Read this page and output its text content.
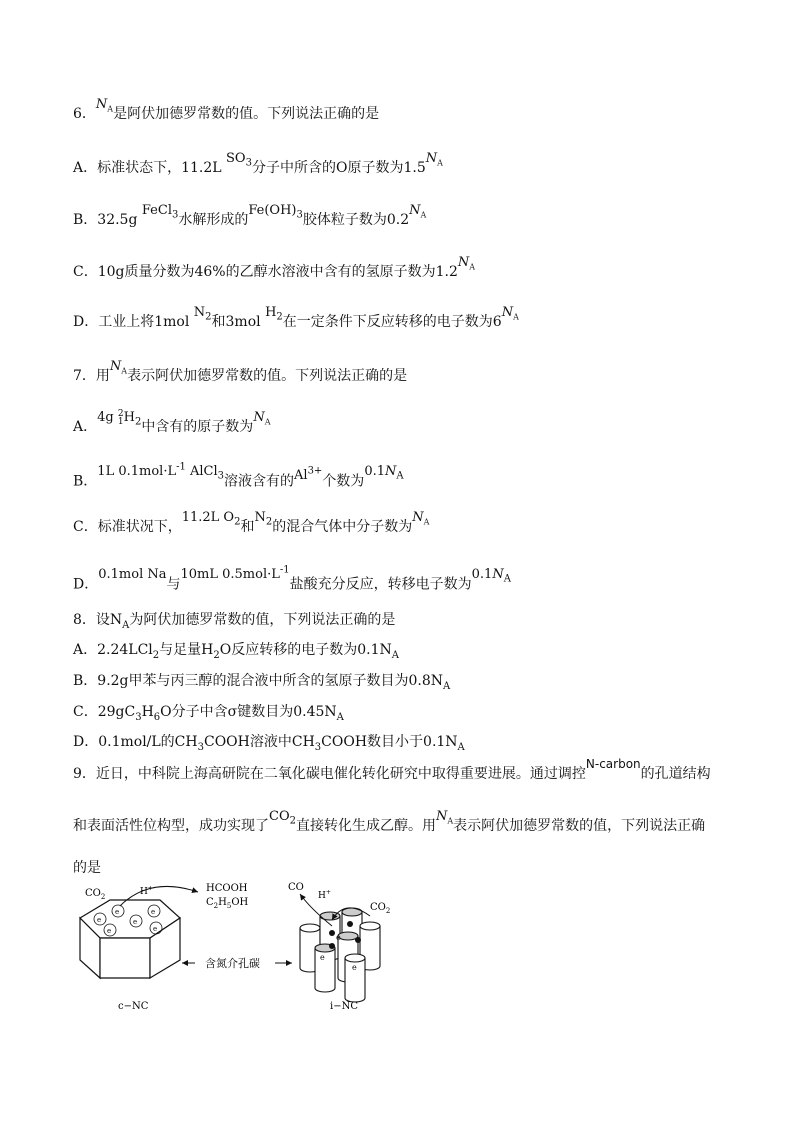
6．$N_A$是阿伏加德罗常数的值。下列说法正确的是
A．标准状态下，11.2L $SO_3$分子中所含的O原子数为$1.5N_A$
B．32.5g FeCl$_3$水解形成的$Fe(OH)_3$胶体粒子数为$0.2N_A$
C．10g质量分数为46%的乙醇水溶液中含有的氢原子数为$1.2N_A$
D．工业上将1mol $N_2$和3mol $H_2$在一定条件下反应转移的电子数为$6N_A$
7．用$N_A$表示阿伏加德罗常数的值。下列说法正确的是
A．4g 2
$1H_2$中含有的原子数为$N_A$
B．1L $0.1mol\cdot L^{-1}$ AlCl$_3$溶液含有的$Al^{3+}$个数为$0.1N_A$
C．标准状况下，11.2L $O_2$和$N_2$的混合气体中分子数为$N_A$
D．0.1mol Na与10mL $0.5mol\cdot L^{-1}$盐酸充分反应，转移电子数为$0.1N_A$
8．设$N_A$为阿伏加德罗常数的值，下列说法正确的是
A．2.24LCl$_2$与足量$H_2O$反应转移的电子数为$0.1N_A$
B．9.2g甲苯与丙三醇的混合液中所含的氢原子数目为$0.8N_A$
C．$29gC_3H_6O$分子中含σ键数目为$0.45N_A$
D．0.1mol/L的$CH_3COOH$溶液中$CH_3COOH$数目小于$0.1N_A$
9．近日，中科院上海高研院在二氧化碳电催化转化研究中取得重要进展。通过调控N-carbon的孔道结构
和表面活性位构型，成功实现了$CO_2$直接转化生成乙醇。用$N_A$表示阿伏加德罗常数的值，下列说法正确
的是
e
e
e
e
e	e
$CO_2$	H+	HCOOH
$C_2H_5OH$
含氮介孔碳
e
e
e
CO
H+
$CO_2$
c−NC	i−NC
